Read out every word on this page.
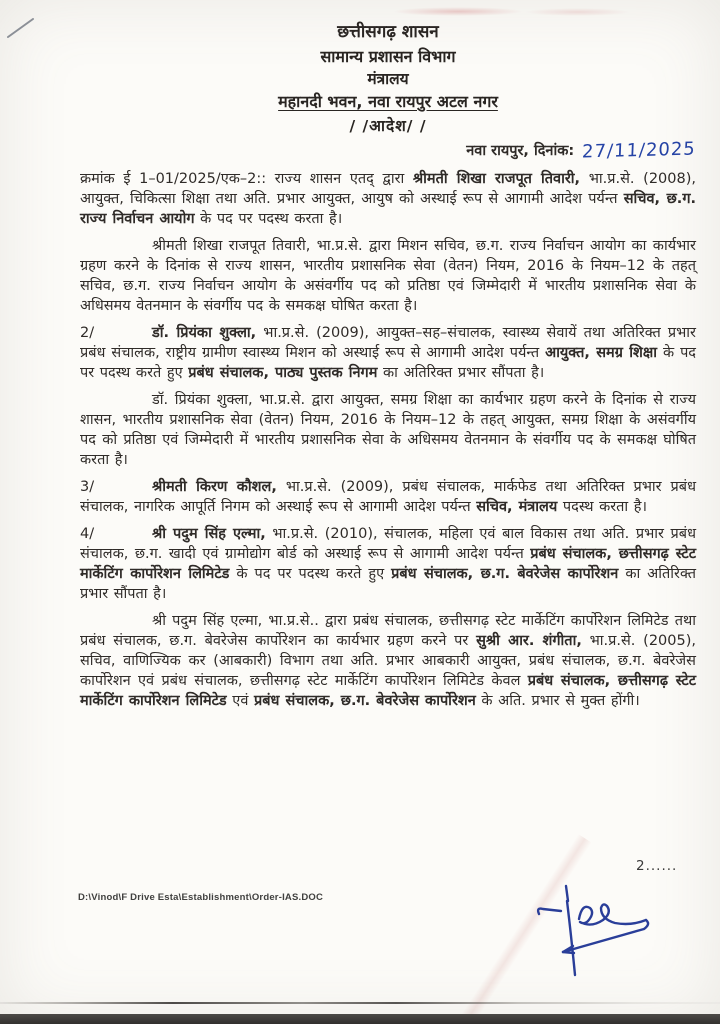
छत्तीसगढ़ शासन
सामान्य प्रशासन विभाग
मंत्रालय
महानदी भवन, नवा रायपुर अटल नगर
/ /आदेश/ /
नवा रायपुर, दिनांक: 27/11/2025
क्रमांक ई 1–01/2025/एक–2:: राज्य शासन एतद् द्वारा श्रीमती शिखा राजपूत तिवारी, भा.प्र.से. (2008), आयुक्त, चिकित्सा शिक्षा तथा अति. प्रभार आयुक्त, आयुष को अस्थाई रूप से आगामी आदेश पर्यन्त सचिव, छ.ग. राज्य निर्वाचन आयोग के पद पर पदस्थ करता है।
श्रीमती शिखा राजपूत तिवारी, भा.प्र.से. द्वारा मिशन सचिव, छ.ग. राज्य निर्वाचन आयोग का कार्यभार ग्रहण करने के दिनांक से राज्य शासन, भारतीय प्रशासनिक सेवा (वेतन) नियम, 2016 के नियम–12 के तहत् सचिव, छ.ग. राज्य निर्वाचन आयोग के असंवर्गीय पद को प्रतिष्ठा एवं जिम्मेदारी में भारतीय प्रशासनिक सेवा के अधिसमय वेतनमान के संवर्गीय पद के समकक्ष घोषित करता है।
2/	डॉ. प्रियंका शुक्ला, भा.प्र.से. (2009), आयुक्त–सह–संचालक, स्वास्थ्य सेवायें तथा अतिरिक्त प्रभार प्रबंध संचालक, राष्ट्रीय ग्रामीण स्वास्थ्य मिशन को अस्थाई रूप से आगामी आदेश पर्यन्त आयुक्त, समग्र शिक्षा के पद पर पदस्थ करते हुए प्रबंध संचालक, पाठ्य पुस्तक निगम का अतिरिक्त प्रभार सौंपता है।
डॉ. प्रियंका शुक्ला, भा.प्र.से. द्वारा आयुक्त, समग्र शिक्षा का कार्यभार ग्रहण करने के दिनांक से राज्य शासन, भारतीय प्रशासनिक सेवा (वेतन) नियम, 2016 के नियम–12 के तहत् आयुक्त, समग्र शिक्षा के असंवर्गीय पद को प्रतिष्ठा एवं जिम्मेदारी में भारतीय प्रशासनिक सेवा के अधिसमय वेतनमान के संवर्गीय पद के समकक्ष घोषित करता है।
3/	श्रीमती किरण कौशल, भा.प्र.से. (2009), प्रबंध संचालक, मार्कफेड तथा अतिरिक्त प्रभार प्रबंध संचालक, नागरिक आपूर्ति निगम को अस्थाई रूप से आगामी आदेश पर्यन्त सचिव, मंत्रालय पदस्थ करता है।
4/	श्री पदुम सिंह एल्मा, भा.प्र.से. (2010), संचालक, महिला एवं बाल विकास तथा अति. प्रभार प्रबंध संचालक, छ.ग. खादी एवं ग्रामोद्योग बोर्ड को अस्थाई रूप से आगामी आदेश पर्यन्त प्रबंध संचालक, छत्तीसगढ़ स्टेट मार्केटिंग कार्पोरेशन लिमिटेड के पद पर पदस्थ करते हुए प्रबंध संचालक, छ.ग. बेवरेजेस कार्पोरेशन का अतिरिक्त प्रभार सौंपता है।
श्री पदुम सिंह एल्मा, भा.प्र.से.. द्वारा प्रबंध संचालक, छत्तीसगढ़ स्टेट मार्केटिंग कार्पोरेशन लिमिटेड तथा प्रबंध संचालक, छ.ग. बेवरेजेस कार्पोरेशन का कार्यभार ग्रहण करने पर सुश्री आर. शंगीता, भा.प्र.से. (2005), सचिव, वाणिज्यिक कर (आबकारी) विभाग तथा अति. प्रभार आबकारी आयुक्त, प्रबंध संचालक, छ.ग. बेवरेजेस कार्पोरेशन एवं प्रबंध संचालक, छत्तीसगढ़ स्टेट मार्केटिंग कार्पोरेशन लिमिटेड केवल प्रबंध संचालक, छत्तीसगढ़ स्टेट मार्केटिंग कार्पोरेशन लिमिटेड एवं प्रबंध संचालक, छ.ग. बेवरेजेस कार्पोरेशन के अति. प्रभार से मुक्त होंगी।
2......
D:\Vinod\F Drive Esta\Establishment\Order-IAS.DOC
